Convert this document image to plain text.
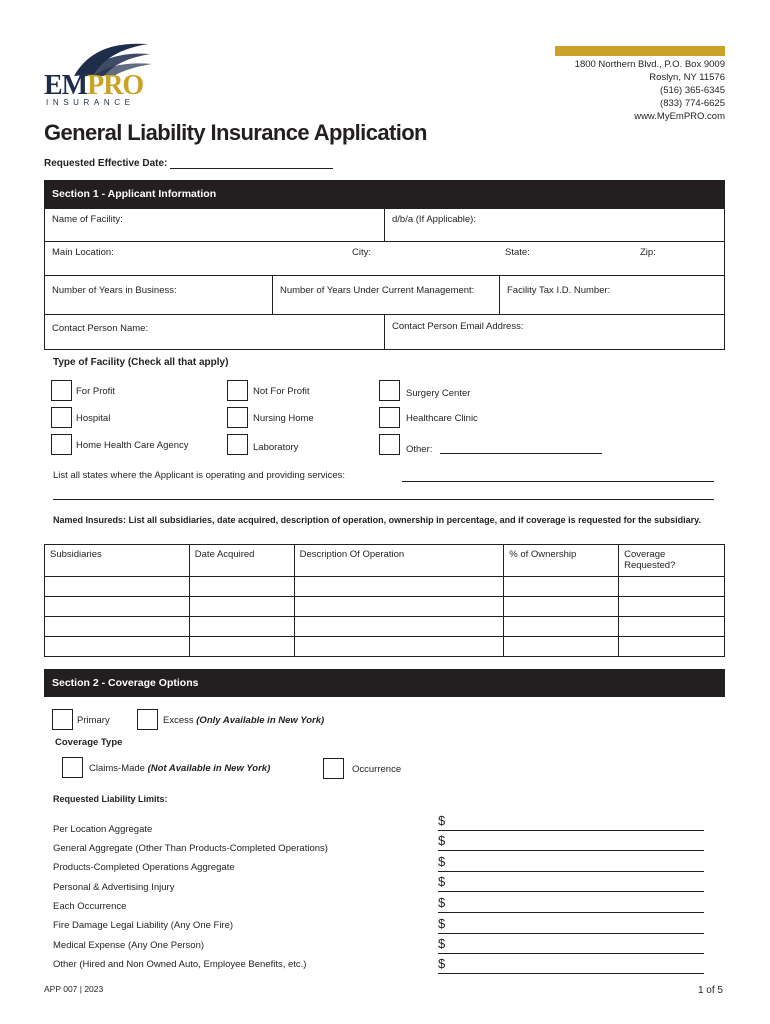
EMPRO
INSURANCE
1800 Northern Blvd., P.O. Box 9009
Roslyn, NY 11576
(516) 365-6345
(833) 774-6625
www.MyEmPRO.com
General Liability Insurance Application
Requested Effective Date:
Section 1 - Applicant Information
Name of Facility:	d/b/a (If Applicable):
Main Location:	City:	State:	Zip:
Number of Years in Business:	Number of Years Under Current Management:	Facility Tax I.D. Number:
Contact Person Name:	Contact Person Email Address:
Type of Facility (Check all that apply)
For Profit	Not For Profit	Surgery Center
Hospital	Nursing Home	Healthcare Clinic
Home Health Care Agency	Laboratory	Other:
List all states where the Applicant is operating and providing services:
Named Insureds: List all subsidiaries, date acquired, description of operation, ownership in percentage, and if coverage is requested for the subsidiary.
Subsidiaries	Date Acquired	Description Of Operation	% of Ownership	Coverage Requested?

Section 2 - Coverage Options
Primary	Excess (Only Available in New York)
Coverage Type
Claims-Made (Not Available in New York)	Occurrence
Requested Liability Limits:
Per Location Aggregate
$
General Aggregate (Other Than Products-Completed Operations)
$
Products-Completed Operations Aggregate	$
Personal & Advertising Injury	$
Each Occurrence	$
Fire Damage Legal Liability (Any One Fire)	$
Medical Expense (Any One Person)	$
Other (Hired and Non Owned Auto, Employee Benefits, etc.)	$
APP 007 | 2023	1 of 5
